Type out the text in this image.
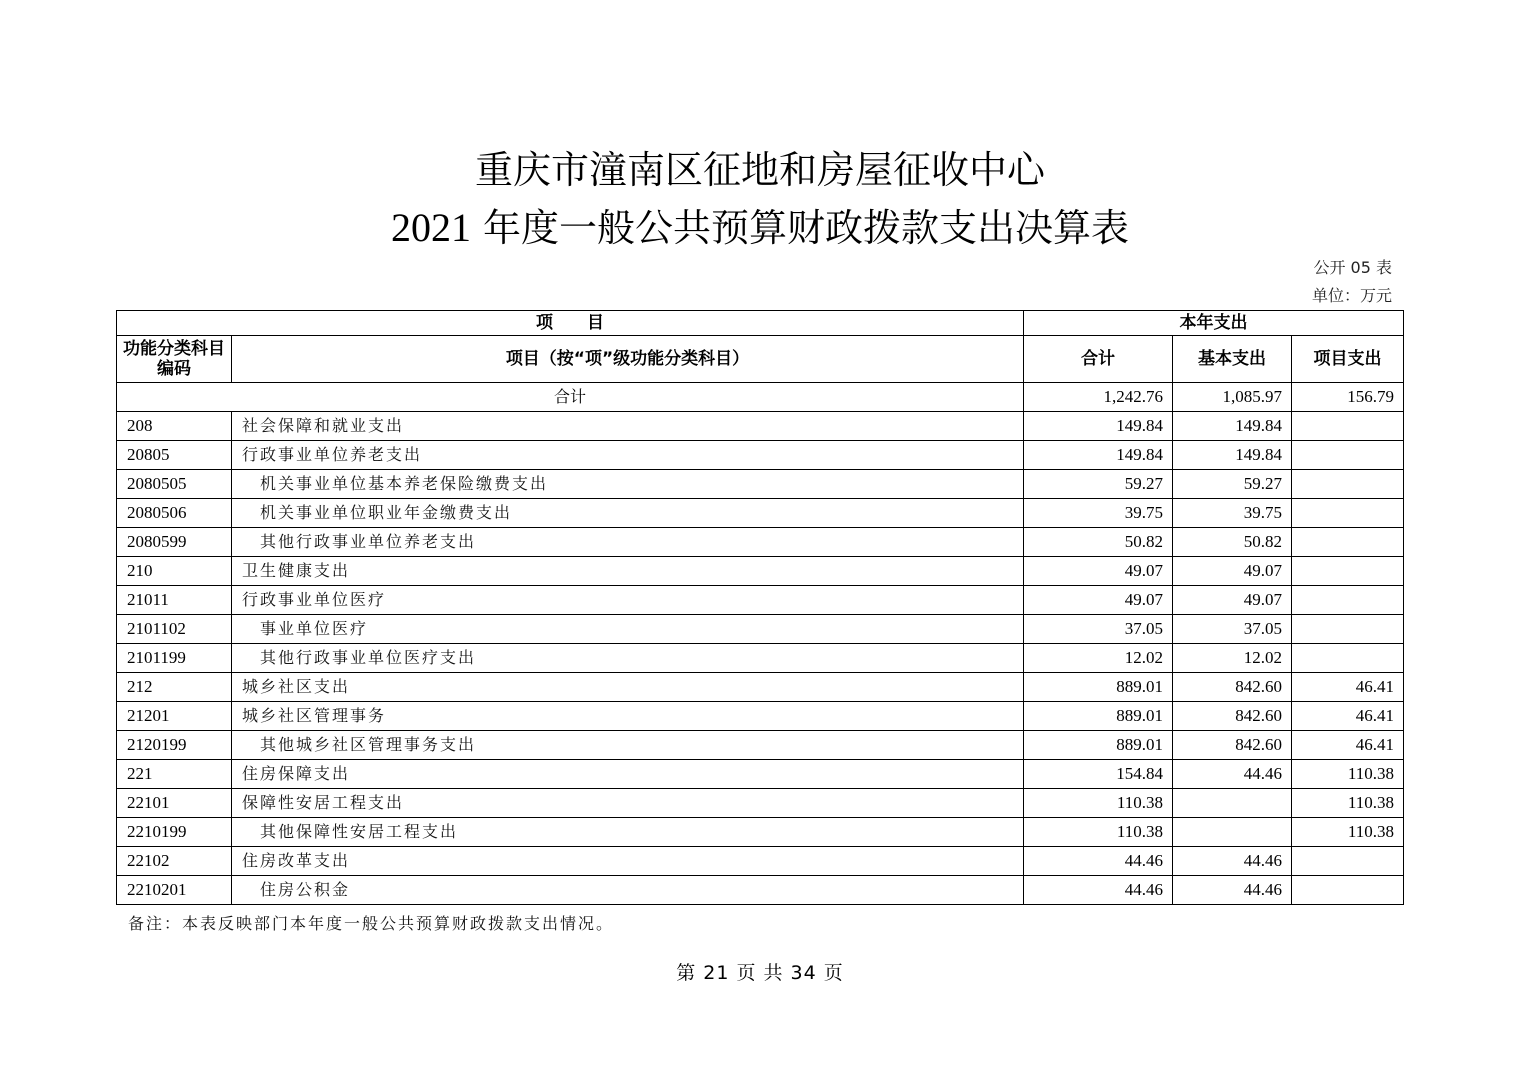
重庆市潼南区征地和房屋征收中心
2021 年度一般公共预算财政拨款支出决算表
公开 05 表
单位：万元
项　　目		本年支出		
功能分类科目编码	项目（按“项”级功能分类科目）	合计	基本支出	项目支出
合计		1,242.76	1,085.97	156.79
208	社会保障和就业支出	149.84	149.84	
20805	行政事业单位养老支出	149.84	149.84	
2080505	机关事业单位基本养老保险缴费支出	59.27	59.27	
2080506	机关事业单位职业年金缴费支出	39.75	39.75	
2080599	其他行政事业单位养老支出	50.82	50.82	
210	卫生健康支出	49.07	49.07	
21011	行政事业单位医疗	49.07	49.07	
2101102	事业单位医疗	37.05	37.05	
2101199	其他行政事业单位医疗支出	12.02	12.02	
212	城乡社区支出	889.01	842.60	46.41
21201	城乡社区管理事务	889.01	842.60	46.41
2120199	其他城乡社区管理事务支出	889.01	842.60	46.41
221	住房保障支出	154.84	44.46	110.38
22101	保障性安居工程支出	110.38		110.38
2210199	其他保障性安居工程支出	110.38		110.38
22102	住房改革支出	44.46	44.46	
2210201	住房公积金	44.46	44.46	
备注：本表反映部门本年度一般公共预算财政拨款支出情况。
第 21 页 共 34 页
